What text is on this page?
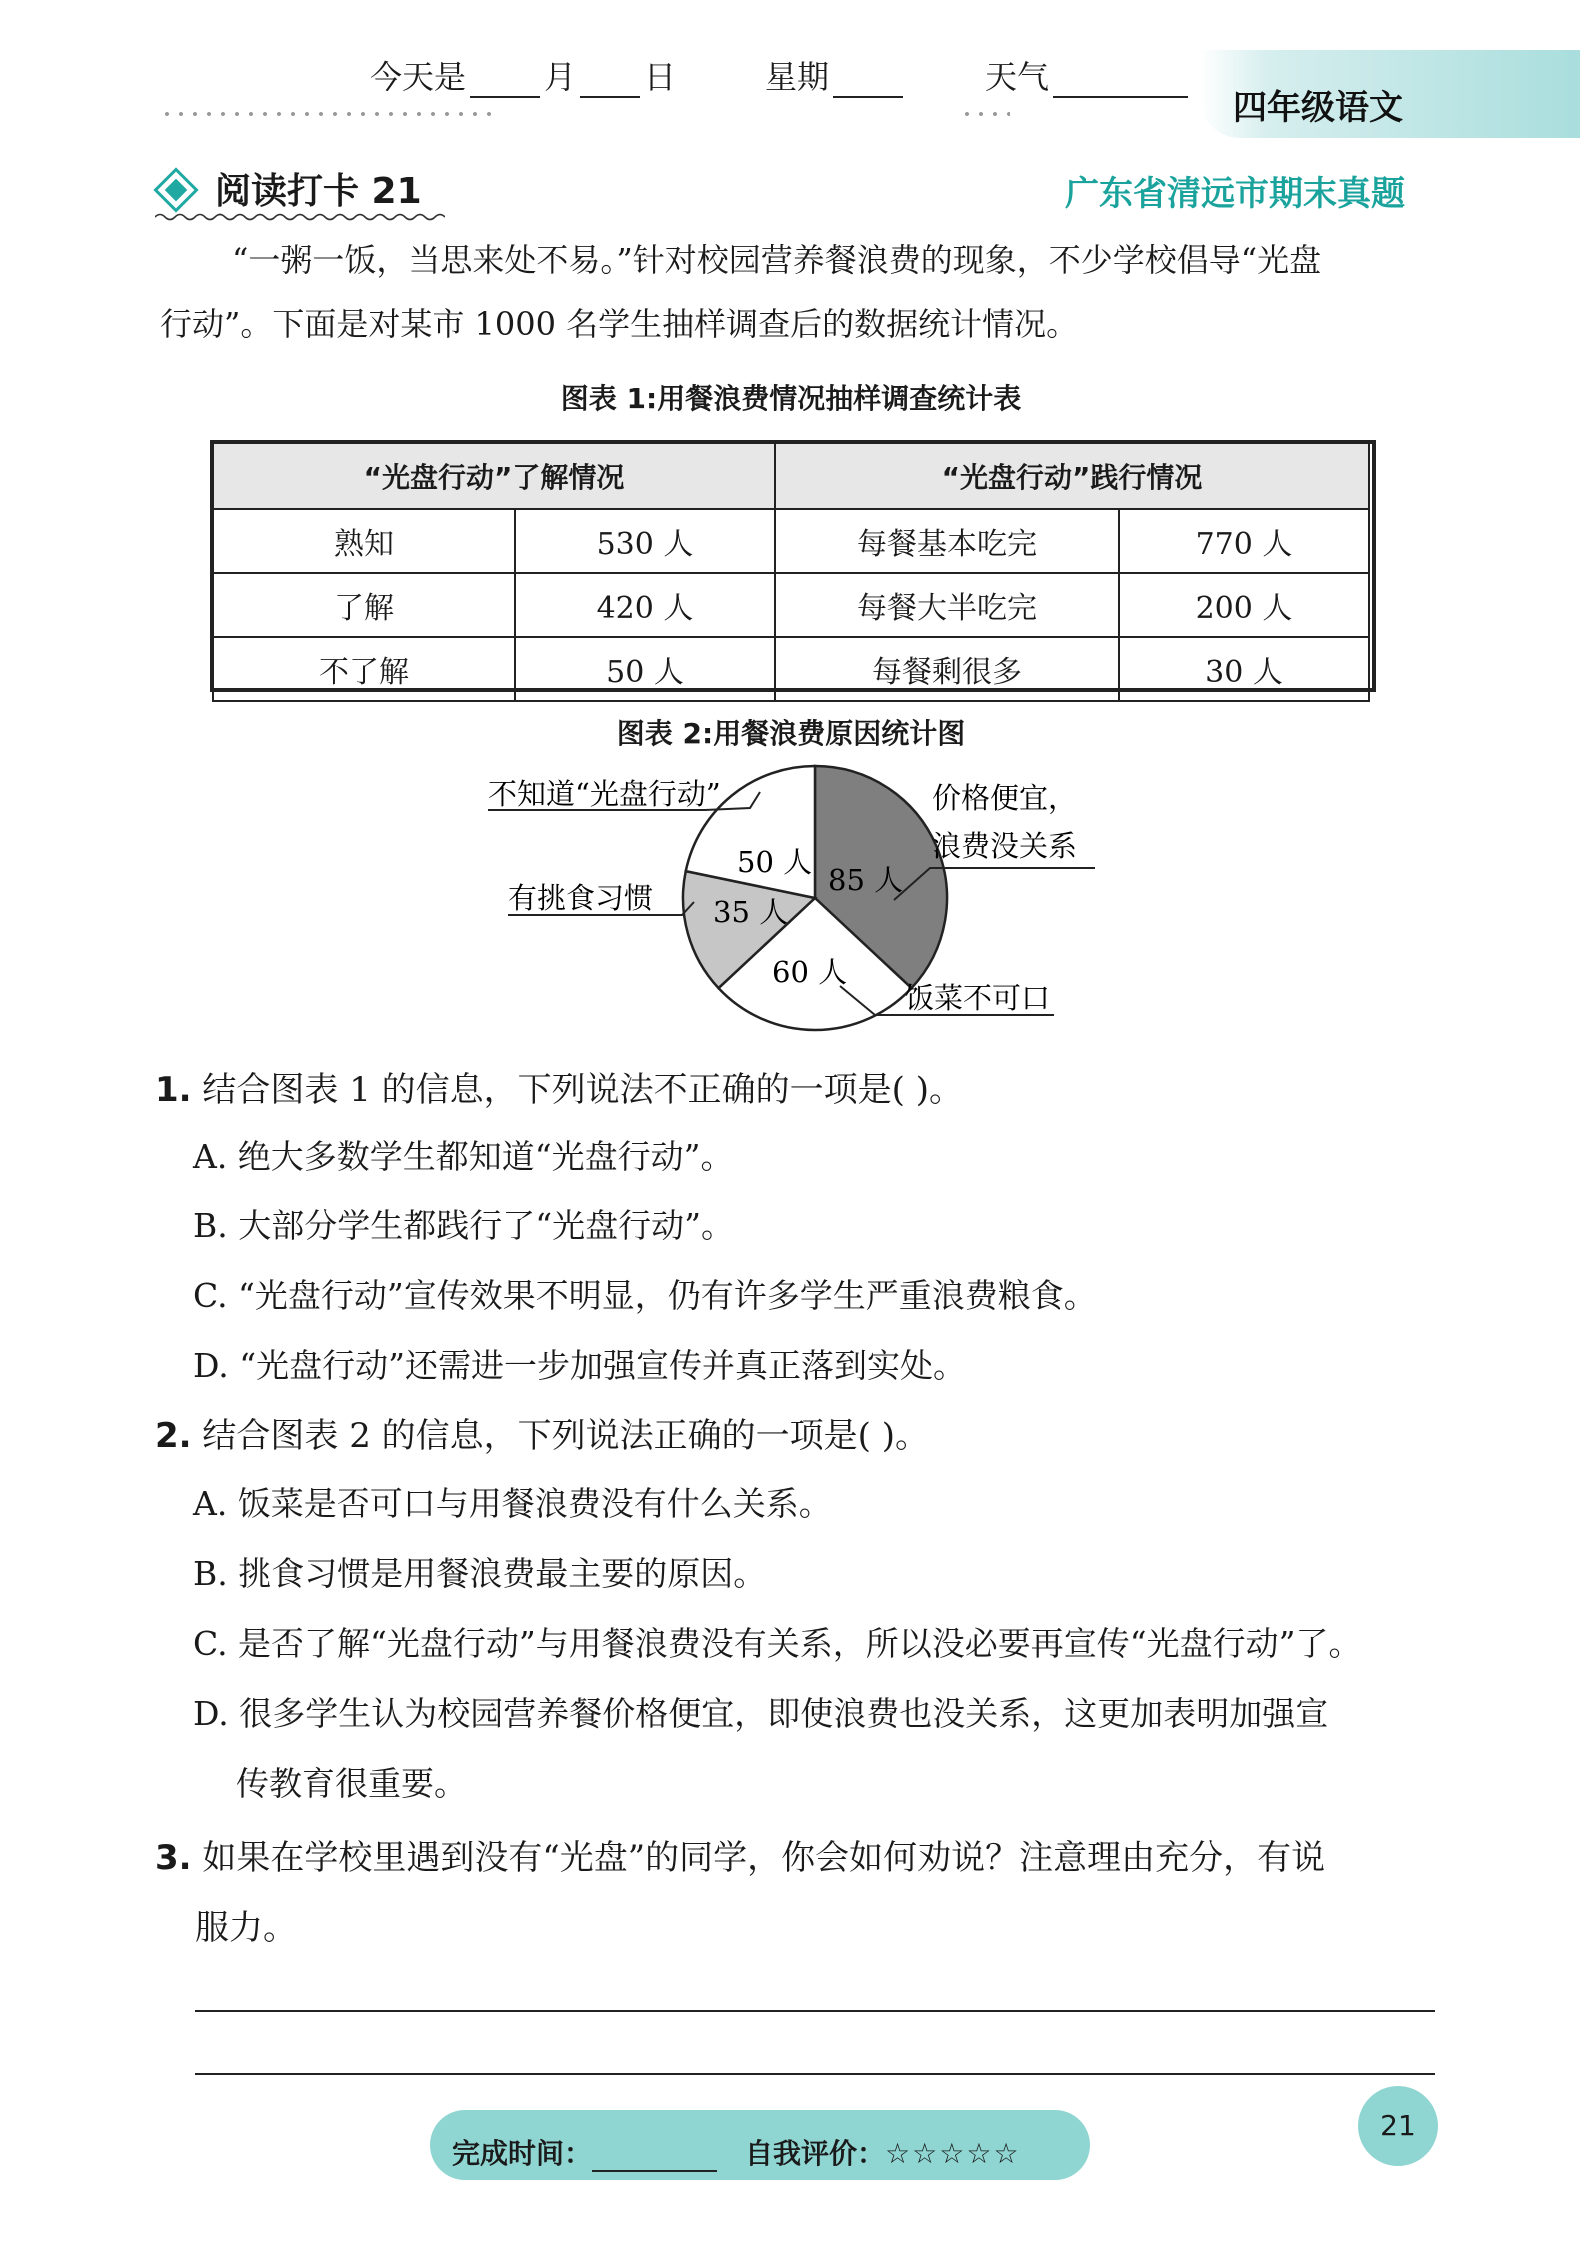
今天是 月 日	星期	天气
四年级语文
阅读打卡 21	广东省清远市期末真题
“一粥一饭，当思来处不易。”针对校园营养餐浪费的现象，不少学校倡导“光盘
行动”。下面是对某市 1000 名学生抽样调查后的数据统计情况。
图表 1:用餐浪费情况抽样调查统计表
“光盘行动”了解情况		“光盘行动”践行情况	
熟知	530 人	每餐基本吃完	770 人
了解	420 人	每餐大半吃完	200 人
不了解	50 人	每餐剩很多	30 人
图表 2:用餐浪费原因统计图
不知道“光盘行动”	价格便宜，
浪费没关系
有挑食习惯
饭菜不可口
50 人
85 人
35 人
60 人
1. 结合图表 1 的信息，下列说法不正确的一项是( )。
A. 绝大多数学生都知道“光盘行动”。
B. 大部分学生都践行了“光盘行动”。
C. “光盘行动”宣传效果不明显，仍有许多学生严重浪费粮食。
D. “光盘行动”还需进一步加强宣传并真正落到实处。
2. 结合图表 2 的信息，下列说法正确的一项是( )。
A. 饭菜是否可口与用餐浪费没有什么关系。
B. 挑食习惯是用餐浪费最主要的原因。
C. 是否了解“光盘行动”与用餐浪费没有关系，所以没必要再宣传“光盘行动”了。
D. 很多学生认为校园营养餐价格便宜，即使浪费也没关系，这更加表明加强宣
传教育很重要。
3. 如果在学校里遇到没有“光盘”的同学，你会如何劝说？注意理由充分，有说
服力。
完成时间：	自我评价：☆☆☆☆☆
21
